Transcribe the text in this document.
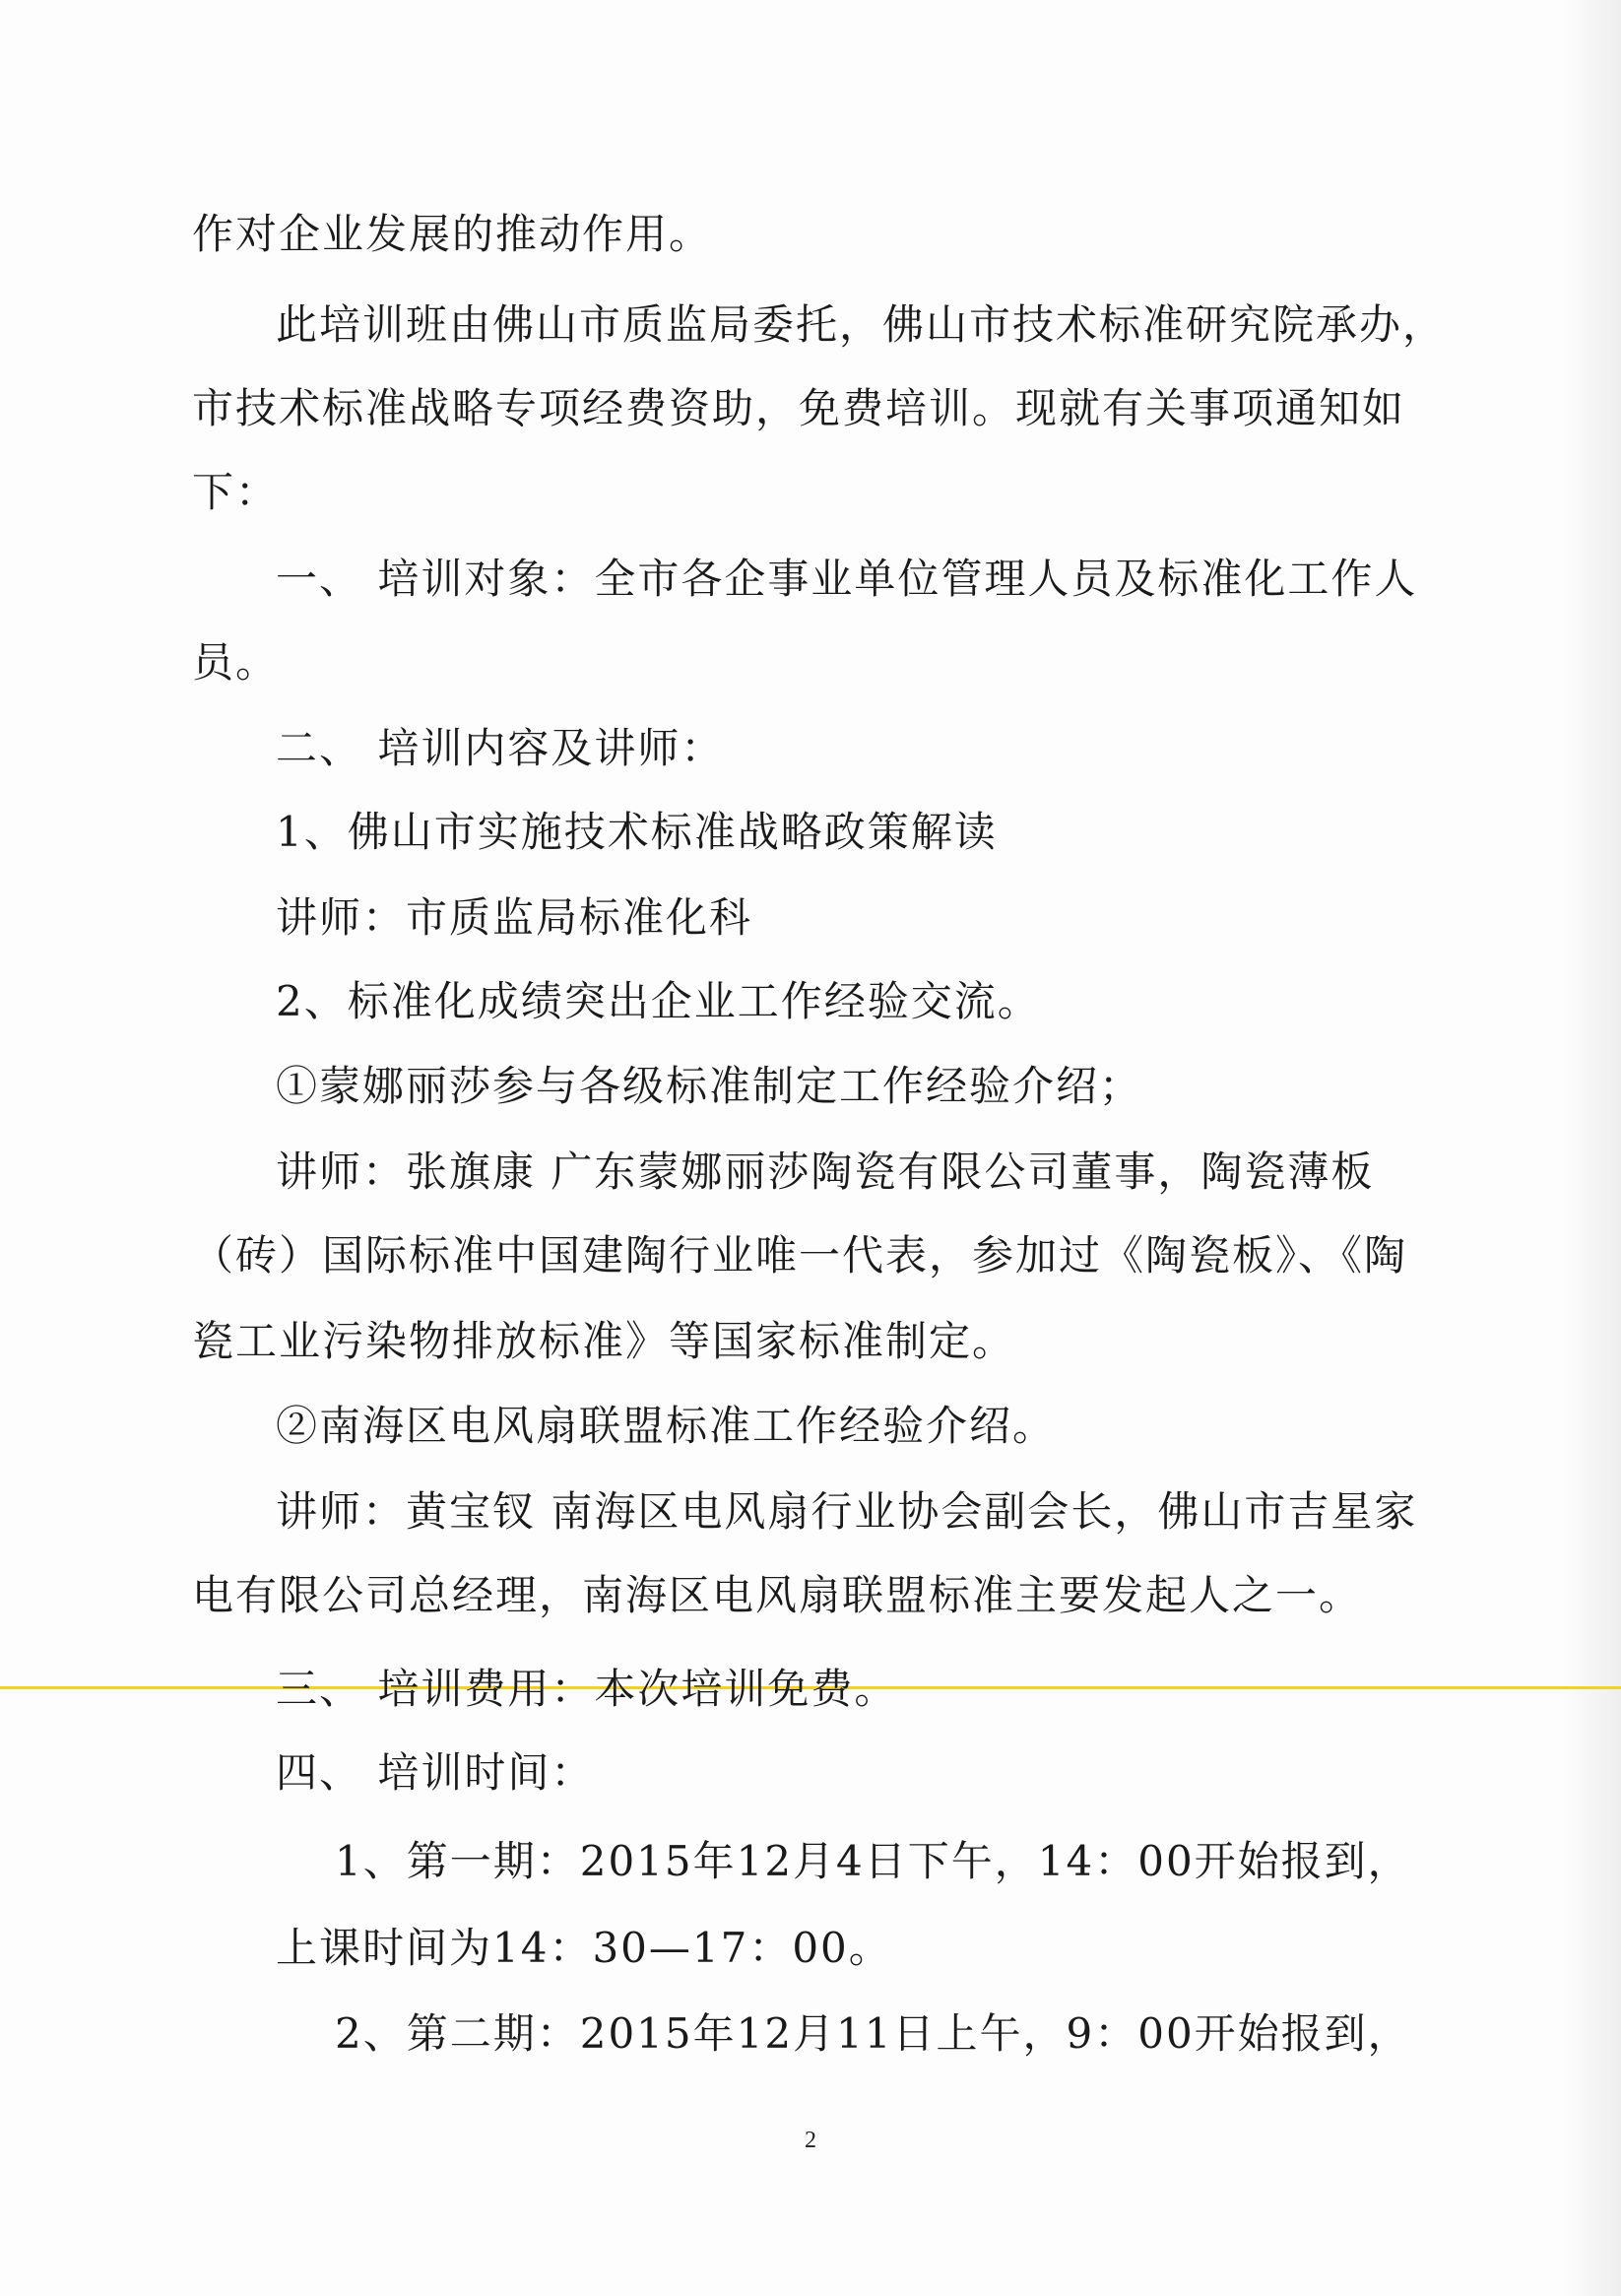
作对企业发展的推动作用。

此培训班由佛山市质监局委托，佛山市技术标准研究院承办，

市技术标准战略专项经费资助，免费培训。现就有关事项通知如

下：

一、 培训对象：全市各企事业单位管理人员及标准化工作人

员。

二、 培训内容及讲师：

1、佛山市实施技术标准战略政策解读

讲师：市质监局标准化科

2、标准化成绩突出企业工作经验交流。

①蒙娜丽莎参与各级标准制定工作经验介绍；

讲师：张旗康 广东蒙娜丽莎陶瓷有限公司董事，陶瓷薄板

（砖）国际标准中国建陶行业唯一代表，参加过《陶瓷板》、《陶

瓷工业污染物排放标准》等国家标准制定。

②南海区电风扇联盟标准工作经验介绍。

讲师：黄宝钗 南海区电风扇行业协会副会长，佛山市吉星家

电有限公司总经理，南海区电风扇联盟标准主要发起人之一。

三、 培训费用：本次培训免费。

四、 培训时间：

1、第一期：2015年12月4日下午，14：00开始报到，

上课时间为14：30—17：00。

2、第二期：2015年12月11日上午，9：00开始报到，

2
